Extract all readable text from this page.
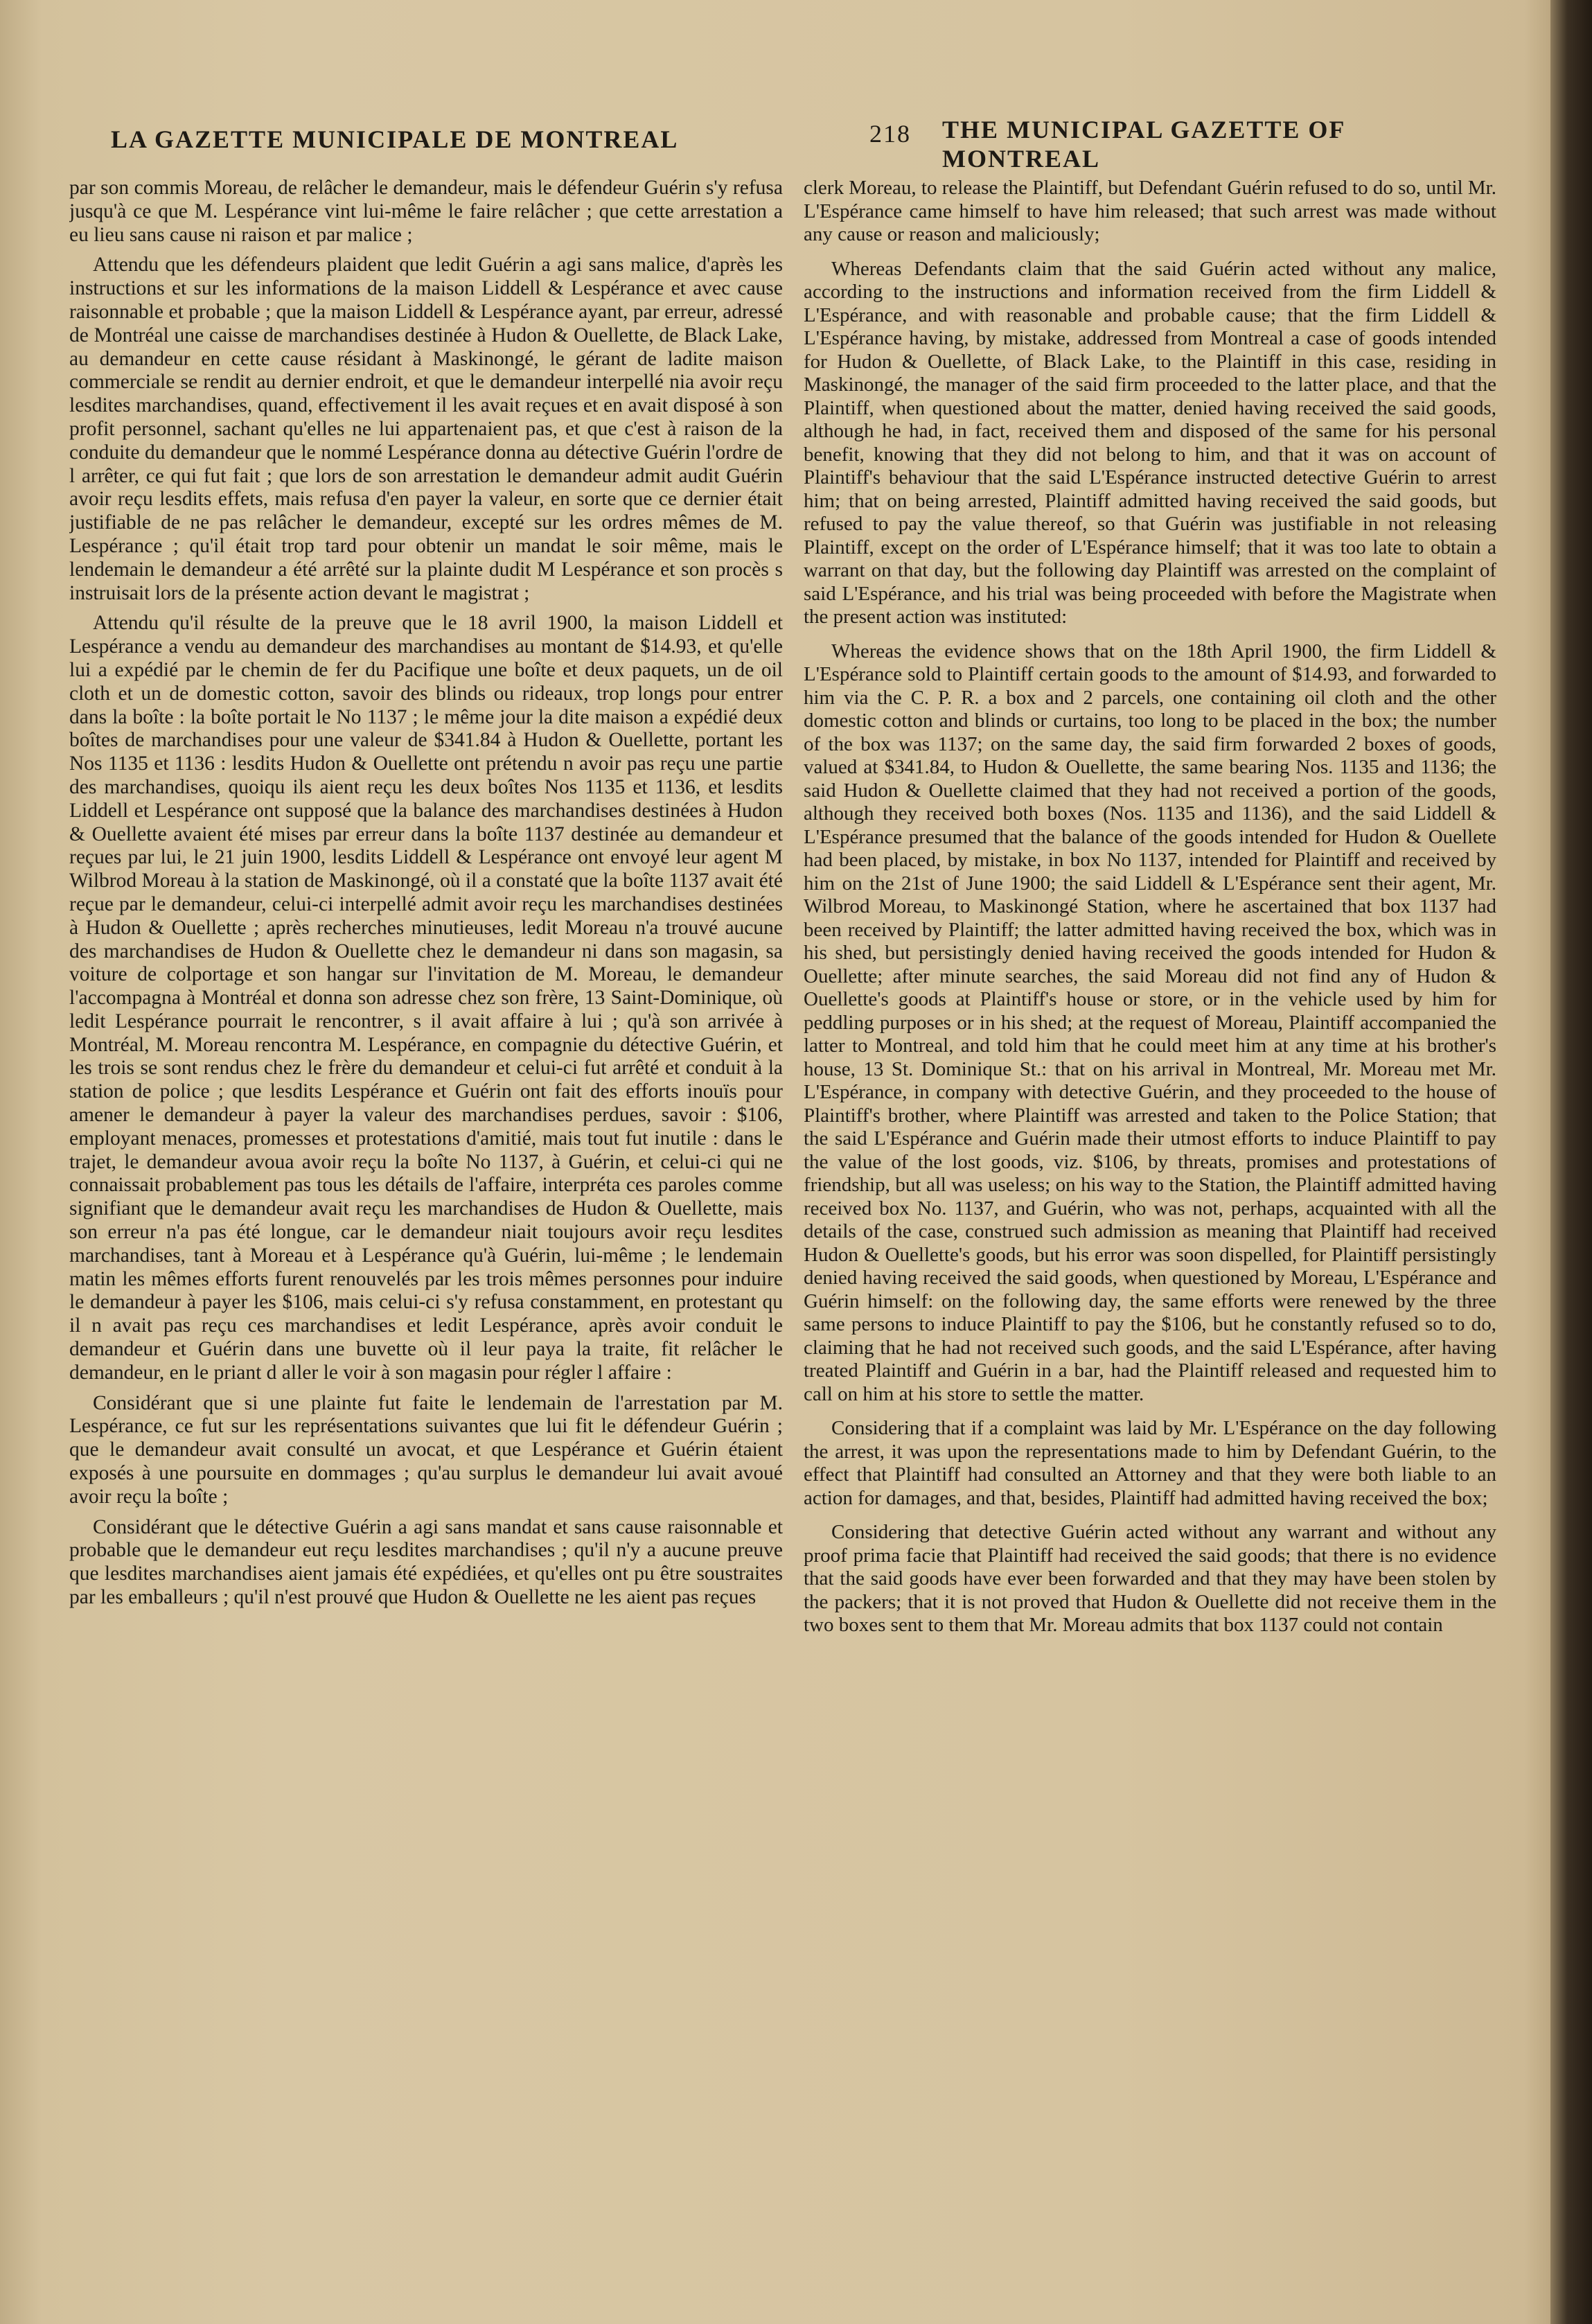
LA GAZETTE MUNICIPALE DE MONTREAL	218 THE MUNICIPAL GAZETTE OF MONTREAL

par son commis Moreau, de relâcher le demandeur, mais le défendeur Guérin s'y refusa jusqu'à ce que M. Lespérance vint lui-même le faire relâcher ; que cette arrestation a eu lieu sans cause ni raison et par malice ;

Attendu que les défendeurs plaident que ledit Guérin a agi sans malice, d'après les instructions et sur les informations de la maison Liddell & Lespérance et avec cause raisonnable et probable ; que la maison Liddell & Lespérance ayant, par erreur, adressé de Montréal une caisse de marchandises destinée à Hudon & Ouellette, de Black Lake, au demandeur en cette cause résidant à Maskinongé, le gérant de ladite maison commerciale se rendit au dernier endroit, et que le demandeur interpellé nia avoir reçu lesdites marchandises, quand, effectivement il les avait reçues et en avait disposé à son profit personnel, sachant qu'elles ne lui appartenaient pas, et que c'est à raison de la conduite du demandeur que le nommé Lespérance donna au détective Guérin l'ordre de l arrêter, ce qui fut fait ; que lors de son arrestation le demandeur admit audit Guérin avoir reçu lesdits effets, mais refusa d'en payer la valeur, en sorte que ce dernier était justifiable de ne pas relâcher le demandeur, excepté sur les ordres mêmes de M. Lespérance ; qu'il était trop tard pour obtenir un mandat le soir même, mais le lendemain le demandeur a été arrêté sur la plainte dudit M Lespérance et son procès s instruisait lors de la présente action devant le magistrat ;

Attendu qu'il résulte de la preuve que le 18 avril 1900, la maison Liddell et Lespérance a vendu au demandeur des marchandises au montant de $14.93, et qu'elle lui a expédié par le chemin de fer du Pacifique une boîte et deux paquets, un de oil cloth et un de domestic cotton, savoir des blinds ou rideaux, trop longs pour entrer dans la boîte : la boîte portait le No 1137 ; le même jour la dite maison a expédié deux boîtes de marchandises pour une valeur de $341.84 à Hudon & Ouellette, portant les Nos 1135 et 1136 : lesdits Hudon & Ouellette ont prétendu n avoir pas reçu une partie des marchandises, quoiqu ils aient reçu les deux boîtes Nos 1135 et 1136, et lesdits Liddell et Lespérance ont supposé que la balance des marchandises destinées à Hudon & Ouellette avaient été mises par erreur dans la boîte 1137 destinée au demandeur et reçues par lui, le 21 juin 1900, lesdits Liddell & Lespérance ont envoyé leur agent M Wilbrod Moreau à la station de Maskinongé, où il a constaté que la boîte 1137 avait été reçue par le demandeur, celui-ci interpellé admit avoir reçu les marchandises destinées à Hudon & Ouellette ; après recherches minutieuses, ledit Moreau n'a trouvé aucune des marchandises de Hudon & Ouellette chez le demandeur ni dans son magasin, sa voiture de colportage et son hangar sur l'invitation de M. Moreau, le demandeur l'accompagna à Montréal et donna son adresse chez son frère, 13 Saint-Dominique, où ledit Lespérance pourrait le rencontrer, s il avait affaire à lui ; qu'à son arrivée à Montréal, M. Moreau rencontra M. Lespérance, en compagnie du détective Guérin, et les trois se sont rendus chez le frère du demandeur et celui-ci fut arrêté et conduit à la station de police ; que lesdits Lespérance et Guérin ont fait des efforts inouïs pour amener le demandeur à payer la valeur des marchandises perdues, savoir : $106, employant menaces, promesses et protestations d'amitié, mais tout fut inutile : dans le trajet, le demandeur avoua avoir reçu la boîte No 1137, à Guérin, et celui-ci qui ne connaissait probablement pas tous les détails de l'affaire, interpréta ces paroles comme signifiant que le demandeur avait reçu les marchandises de Hudon & Ouellette, mais son erreur n'a pas été longue, car le demandeur niait toujours avoir reçu lesdites marchandises, tant à Moreau et à Lespérance qu'à Guérin, lui-même ; le lendemain matin les mêmes efforts furent renouvelés par les trois mêmes personnes pour induire le demandeur à payer les $106, mais celui-ci s'y refusa constamment, en protestant qu il n avait pas reçu ces marchandises et ledit Lespérance, après avoir conduit le demandeur et Guérin dans une buvette où il leur paya la traite, fit relâcher le demandeur, en le priant d aller le voir à son magasin pour régler l affaire :

Considérant que si une plainte fut faite le lendemain de l'arrestation par M. Lespérance, ce fut sur les représentations suivantes que lui fit le défendeur Guérin ; que le demandeur avait consulté un avocat, et que Lespérance et Guérin étaient exposés à une poursuite en dommages ; qu'au surplus le demandeur lui avait avoué avoir reçu la boîte ;

Considérant que le détective Guérin a agi sans mandat et sans cause raisonnable et probable que le demandeur eut reçu lesdites marchandises ; qu'il n'y a aucune preuve que lesdites marchandises aient jamais été expédiées, et qu'elles ont pu être soustraites par les emballeurs ; qu'il n'est prouvé que Hudon & Ouellette ne les aient pas reçues

clerk Moreau, to release the Plaintiff, but Defendant Guérin refused to do so, until Mr. L'Espérance came himself to have him released; that such arrest was made without any cause or reason and maliciously;

Whereas Defendants claim that the said Guérin acted without any malice, according to the instructions and information received from the firm Liddell & L'Espérance, and with reasonable and probable cause; that the firm Liddell & L'Espérance having, by mistake, addressed from Montreal a case of goods intended for Hudon & Ouellette, of Black Lake, to the Plaintiff in this case, residing in Maskinongé, the manager of the said firm proceeded to the latter place, and that the Plaintiff, when questioned about the matter, denied having received the said goods, although he had, in fact, received them and disposed of the same for his personal benefit, knowing that they did not belong to him, and that it was on account of Plaintiff's behaviour that the said L'Espérance instructed detective Guérin to arrest him; that on being arrested, Plaintiff admitted having received the said goods, but refused to pay the value thereof, so that Guérin was justifiable in not releasing Plaintiff, except on the order of L'Espérance himself; that it was too late to obtain a warrant on that day, but the following day Plaintiff was arrested on the complaint of said L'Espérance, and his trial was being proceeded with before the Magistrate when the present action was instituted:

Whereas the evidence shows that on the 18th April 1900, the firm Liddell & L'Espérance sold to Plaintiff certain goods to the amount of $14.93, and forwarded to him via the C. P. R. a box and 2 parcels, one containing oil cloth and the other domestic cotton and blinds or curtains, too long to be placed in the box; the number of the box was 1137; on the same day, the said firm forwarded 2 boxes of goods, valued at $341.84, to Hudon & Ouellette, the same bearing Nos. 1135 and 1136; the said Hudon & Ouellette claimed that they had not received a portion of the goods, although they received both boxes (Nos. 1135 and 1136), and the said Liddell & L'Espérance presumed that the balance of the goods intended for Hudon & Ouellete had been placed, by mistake, in box No 1137, intended for Plaintiff and received by him on the 21st of June 1900; the said Liddell & L'Espérance sent their agent, Mr. Wilbrod Moreau, to Maskinongé Station, where he ascertained that box 1137 had been received by Plaintiff; the latter admitted having received the box, which was in his shed, but persistingly denied having received the goods intended for Hudon & Ouellette; after minute searches, the said Moreau did not find any of Hudon & Ouellette's goods at Plaintiff's house or store, or in the vehicle used by him for peddling purposes or in his shed; at the request of Moreau, Plaintiff accompanied the latter to Montreal, and told him that he could meet him at any time at his brother's house, 13 St. Dominique St.: that on his arrival in Montreal, Mr. Moreau met Mr. L'Espérance, in company with detective Guérin, and they proceeded to the house of Plaintiff's brother, where Plaintiff was arrested and taken to the Police Station; that the said L'Espérance and Guérin made their utmost efforts to induce Plaintiff to pay the value of the lost goods, viz. $106, by threats, promises and protestations of friendship, but all was useless; on his way to the Station, the Plaintiff admitted having received box No. 1137, and Guérin, who was not, perhaps, acquainted with all the details of the case, construed such admission as meaning that Plaintiff had received Hudon & Ouellette's goods, but his error was soon dispelled, for Plaintiff persistingly denied having received the said goods, when questioned by Moreau, L'Espérance and Guérin himself: on the following day, the same efforts were renewed by the three same persons to induce Plaintiff to pay the $106, but he constantly refused so to do, claiming that he had not received such goods, and the said L'Espérance, after having treated Plaintiff and Guérin in a bar, had the Plaintiff released and requested him to call on him at his store to settle the matter.

Considering that if a complaint was laid by Mr. L'Espérance on the day following the arrest, it was upon the representations made to him by Defendant Guérin, to the effect that Plaintiff had consulted an Attorney and that they were both liable to an action for damages, and that, besides, Plaintiff had admitted having received the box;

Considering that detective Guérin acted without any warrant and without any proof prima facie that Plaintiff had received the said goods; that there is no evidence that the said goods have ever been forwarded and that they may have been stolen by the packers; that it is not proved that Hudon & Ouellette did not receive them in the two boxes sent to them that Mr. Moreau admits that box 1137 could not contain
